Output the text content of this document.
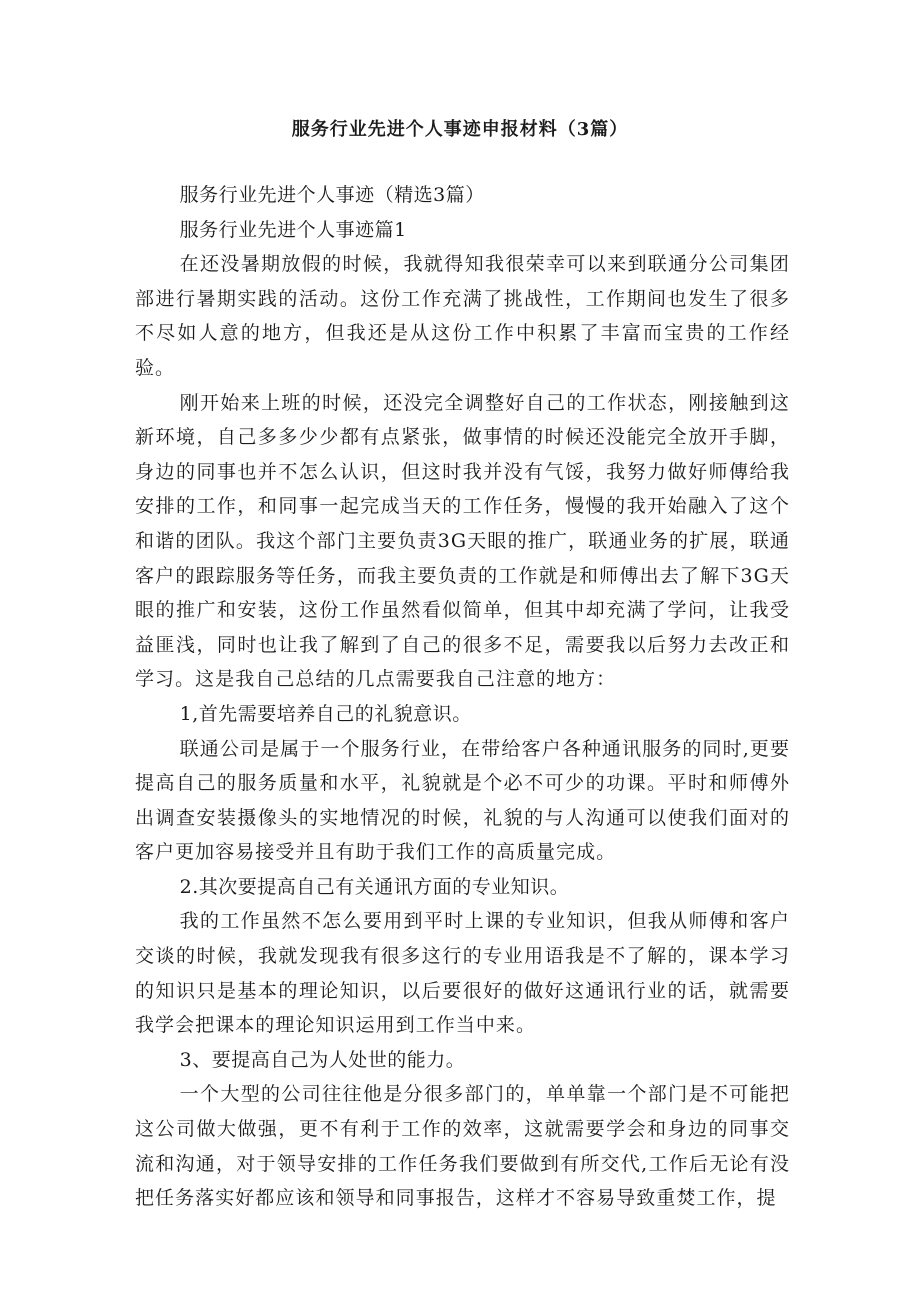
服务行业先进个人事迹申报材料（3篇）

服务行业先进个人事迹（精选3篇）

服务行业先进个人事迹篇1

在还没暑期放假的时候，我就得知我很荣幸可以来到联通分公司集团部进行暑期实践的活动。这份工作充满了挑战性，工作期间也发生了很多不尽如人意的地方，但我还是从这份工作中积累了丰富而宝贵的工作经验。

刚开始来上班的时候，还没完全调整好自己的工作状态，刚接触到这新环境，自己多多少少都有点紧张，做事情的时候还没能完全放开手脚，身边的同事也并不怎么认识，但这时我并没有气馁，我努力做好师傳给我安排的工作，和同事一起完成当天的工作任务，慢慢的我开始融入了这个和谐的团队。我这个部门主要负责3G天眼的推广，联通业务的扩展，联通客户的跟踪服务等任务，而我主要负责的工作就是和师傅出去了解下3G天眼的推广和安装，这份工作虽然看似简单，但其中却充满了学问，让我受益匪浅，同时也让我了解到了自己的很多不足，需要我以后努力去改正和学习。这是我自己总结的几点需要我自己注意的地方：

1,首先需要培养自己的礼貌意识。

联通公司是属于一个服务行业，在带给客户各种通讯服务的同时,更要提高自己的服务质量和水平，礼貌就是个必不可少的功课。平时和师傅外出调查安装摄像头的实地情况的时候，礼貌的与人沟通可以使我们面对的客户更加容易接受并且有助于我们工作的高质量完成。

2.其次要提高自己有关通讯方面的专业知识。

我的工作虽然不怎么要用到平时上课的专业知识，但我从师傅和客户交谈的时候，我就发现我有很多这行的专业用语我是不了解的，课本学习的知识只是基本的理论知识，以后要很好的做好这通讯行业的话，就需要我学会把课本的理论知识运用到工作当中来。

3、要提高自己为人处世的能力。

一个大型的公司往往他是分很多部门的，单单靠一个部门是不可能把这公司做大做强，更不有利于工作的效率，这就需要学会和身边的同事交流和沟通，对于领导安排的工作任务我们要做到有所交代,工作后无论有没把任务落实好都应该和领导和同事报告，这样才不容易导致重焚工作，提
